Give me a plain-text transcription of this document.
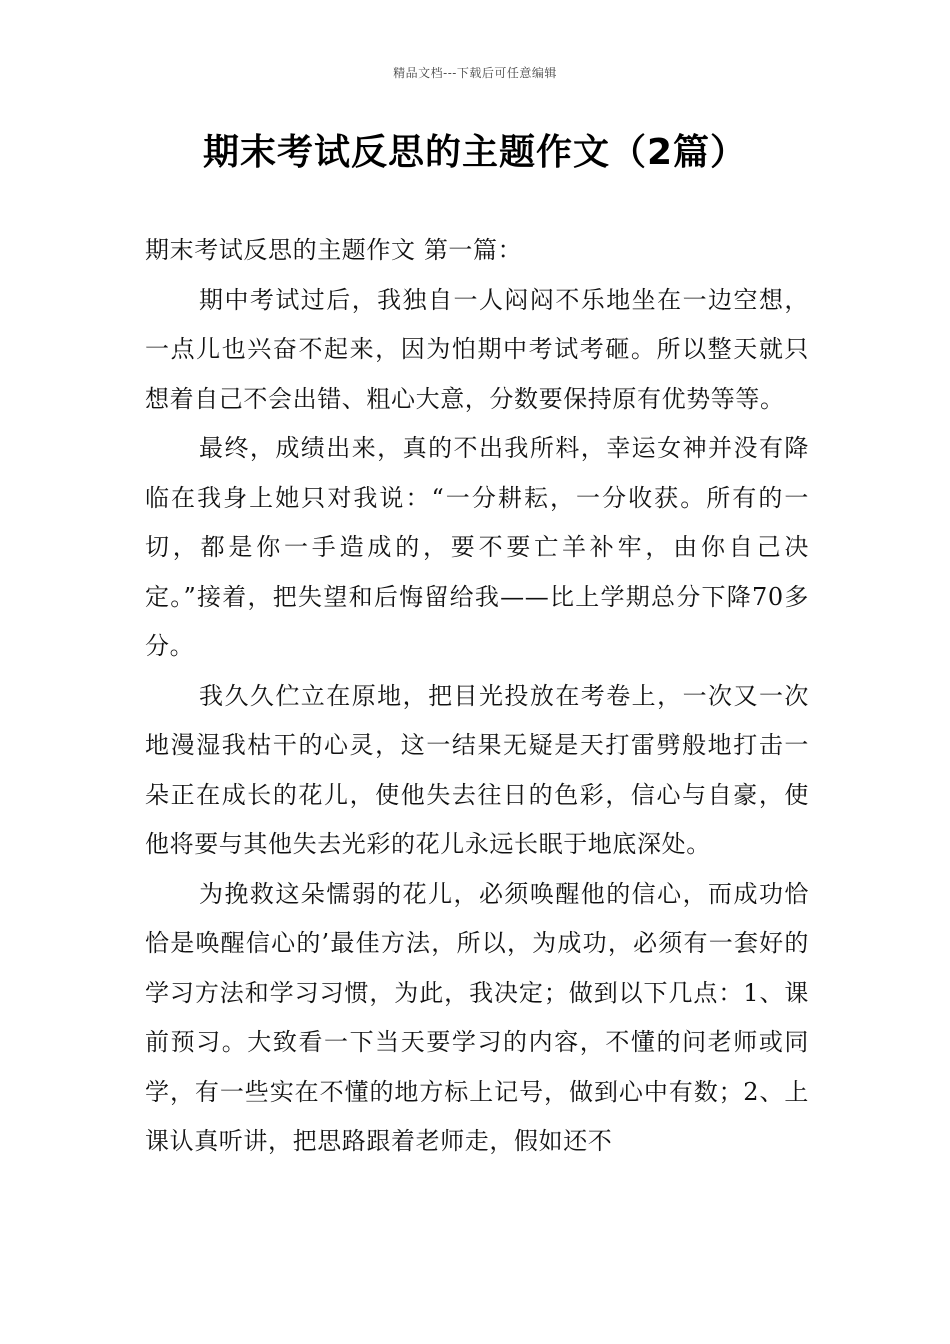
精品文档---下载后可任意编辑
期末考试反思的主题作文（2篇）

期末考试反思的主题作文 第一篇：

期中考试过后，我独自一人闷闷不乐地坐在一边空想，一点儿也兴奋不起来，因为怕期中考试考砸。所以整天就只想着自己不会出错、粗心大意，分数要保持原有优势等等。

最终，成绩出来，真的不出我所料，幸运女神并没有降临在我身上她只对我说：“一分耕耘，一分收获。所有的一切，都是你一手造成的，要不要亡羊补牢，由你自己决定。”接着，把失望和后悔留给我——比上学期总分下降70多分。

我久久伫立在原地，把目光投放在考卷上，一次又一次地漫湿我枯干的心灵，这一结果无疑是天打雷劈般地打击一朵正在成长的花儿，使他失去往日的色彩，信心与自豪，使他将要与其他失去光彩的花儿永远长眠于地底深处。

为挽救这朵懦弱的花儿，必须唤醒他的信心，而成功恰恰是唤醒信心的’最佳方法，所以，为成功，必须有一套好的学习方法和学习习惯，为此，我决定；做到以下几点：1、课前预习。大致看一下当天要学习的内容，不懂的问老师或同学，有一些实在不懂的地方标上记号，做到心中有数；2、上课认真听讲，把思路跟着老师走，假如还不
